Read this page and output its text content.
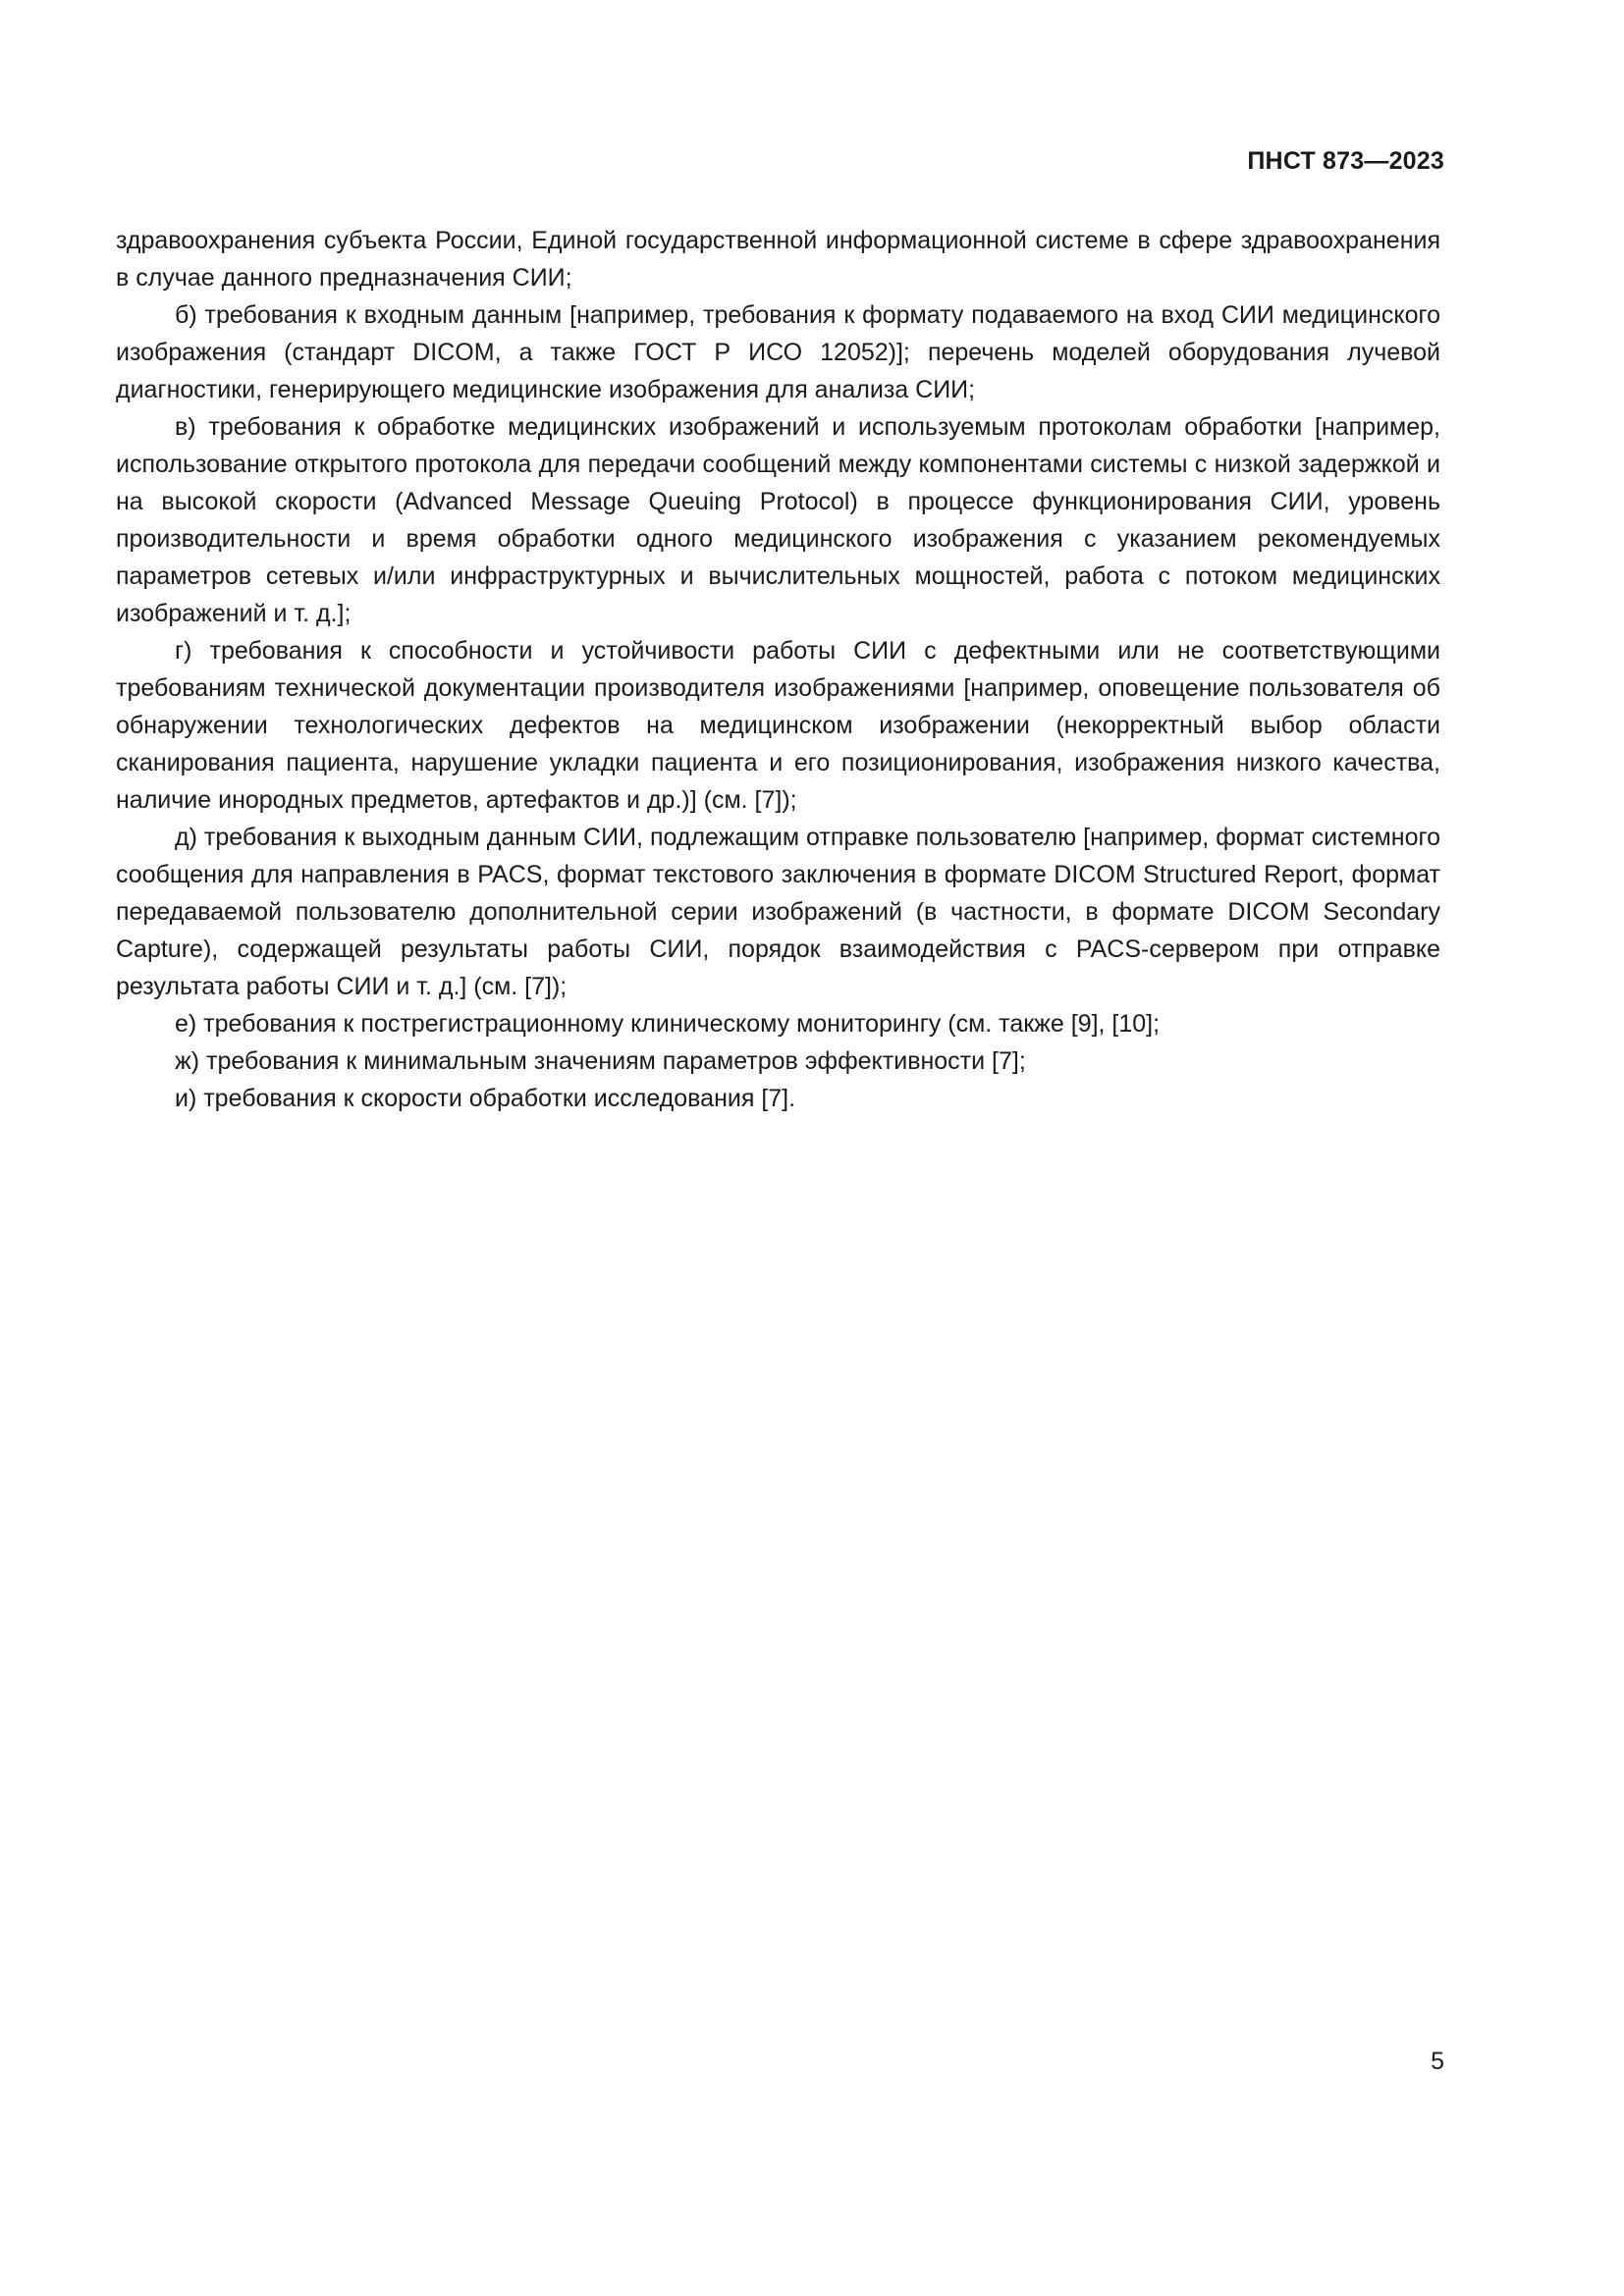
ПНСТ 873—2023

здравоохранения субъекта России, Единой государственной информационной системе в сфере здравоохранения в случае данного предназначения СИИ;

б) требования к входным данным [например, требования к формату подаваемого на вход СИИ медицинского изображения (стандарт DICOM, а также ГОСТ Р ИСО 12052)]; перечень моделей оборудования лучевой диагностики, генерирующего медицинские изображения для анализа СИИ;

в) требования к обработке медицинских изображений и используемым протоколам обработки [например, использование открытого протокола для передачи сообщений между компонентами системы с низкой задержкой и на высокой скорости (Advanced Message Queuing Protocol) в процессе функционирования СИИ, уровень производительности и время обработки одного медицинского изображения с указанием рекомендуемых параметров сетевых и/или инфраструктурных и вычислительных мощностей, работа с потоком медицинских изображений и т. д.];

г) требования к способности и устойчивости работы СИИ с дефектными или не соответствующими требованиям технической документации производителя изображениями [например, оповещение пользователя об обнаружении технологических дефектов на медицинском изображении (некорректный выбор области сканирования пациента, нарушение укладки пациента и его позиционирования, изображения низкого качества, наличие инородных предметов, артефактов и др.)] (см. [7]);

д) требования к выходным данным СИИ, подлежащим отправке пользователю [например, формат системного сообщения для направления в PACS, формат текстового заключения в формате DICOM Structured Report, формат передаваемой пользователю дополнительной серии изображений (в частности, в формате DICOM Secondary Capture), содержащей результаты работы СИИ, порядок взаимодействия с PACS-сервером при отправке результата работы СИИ и т. д.] (см. [7]);

е) требования к пострегистрационному клиническому мониторингу (см. также [9], [10];

ж) требования к минимальным значениям параметров эффективности [7];

и) требования к скорости обработки исследования [7].

5
